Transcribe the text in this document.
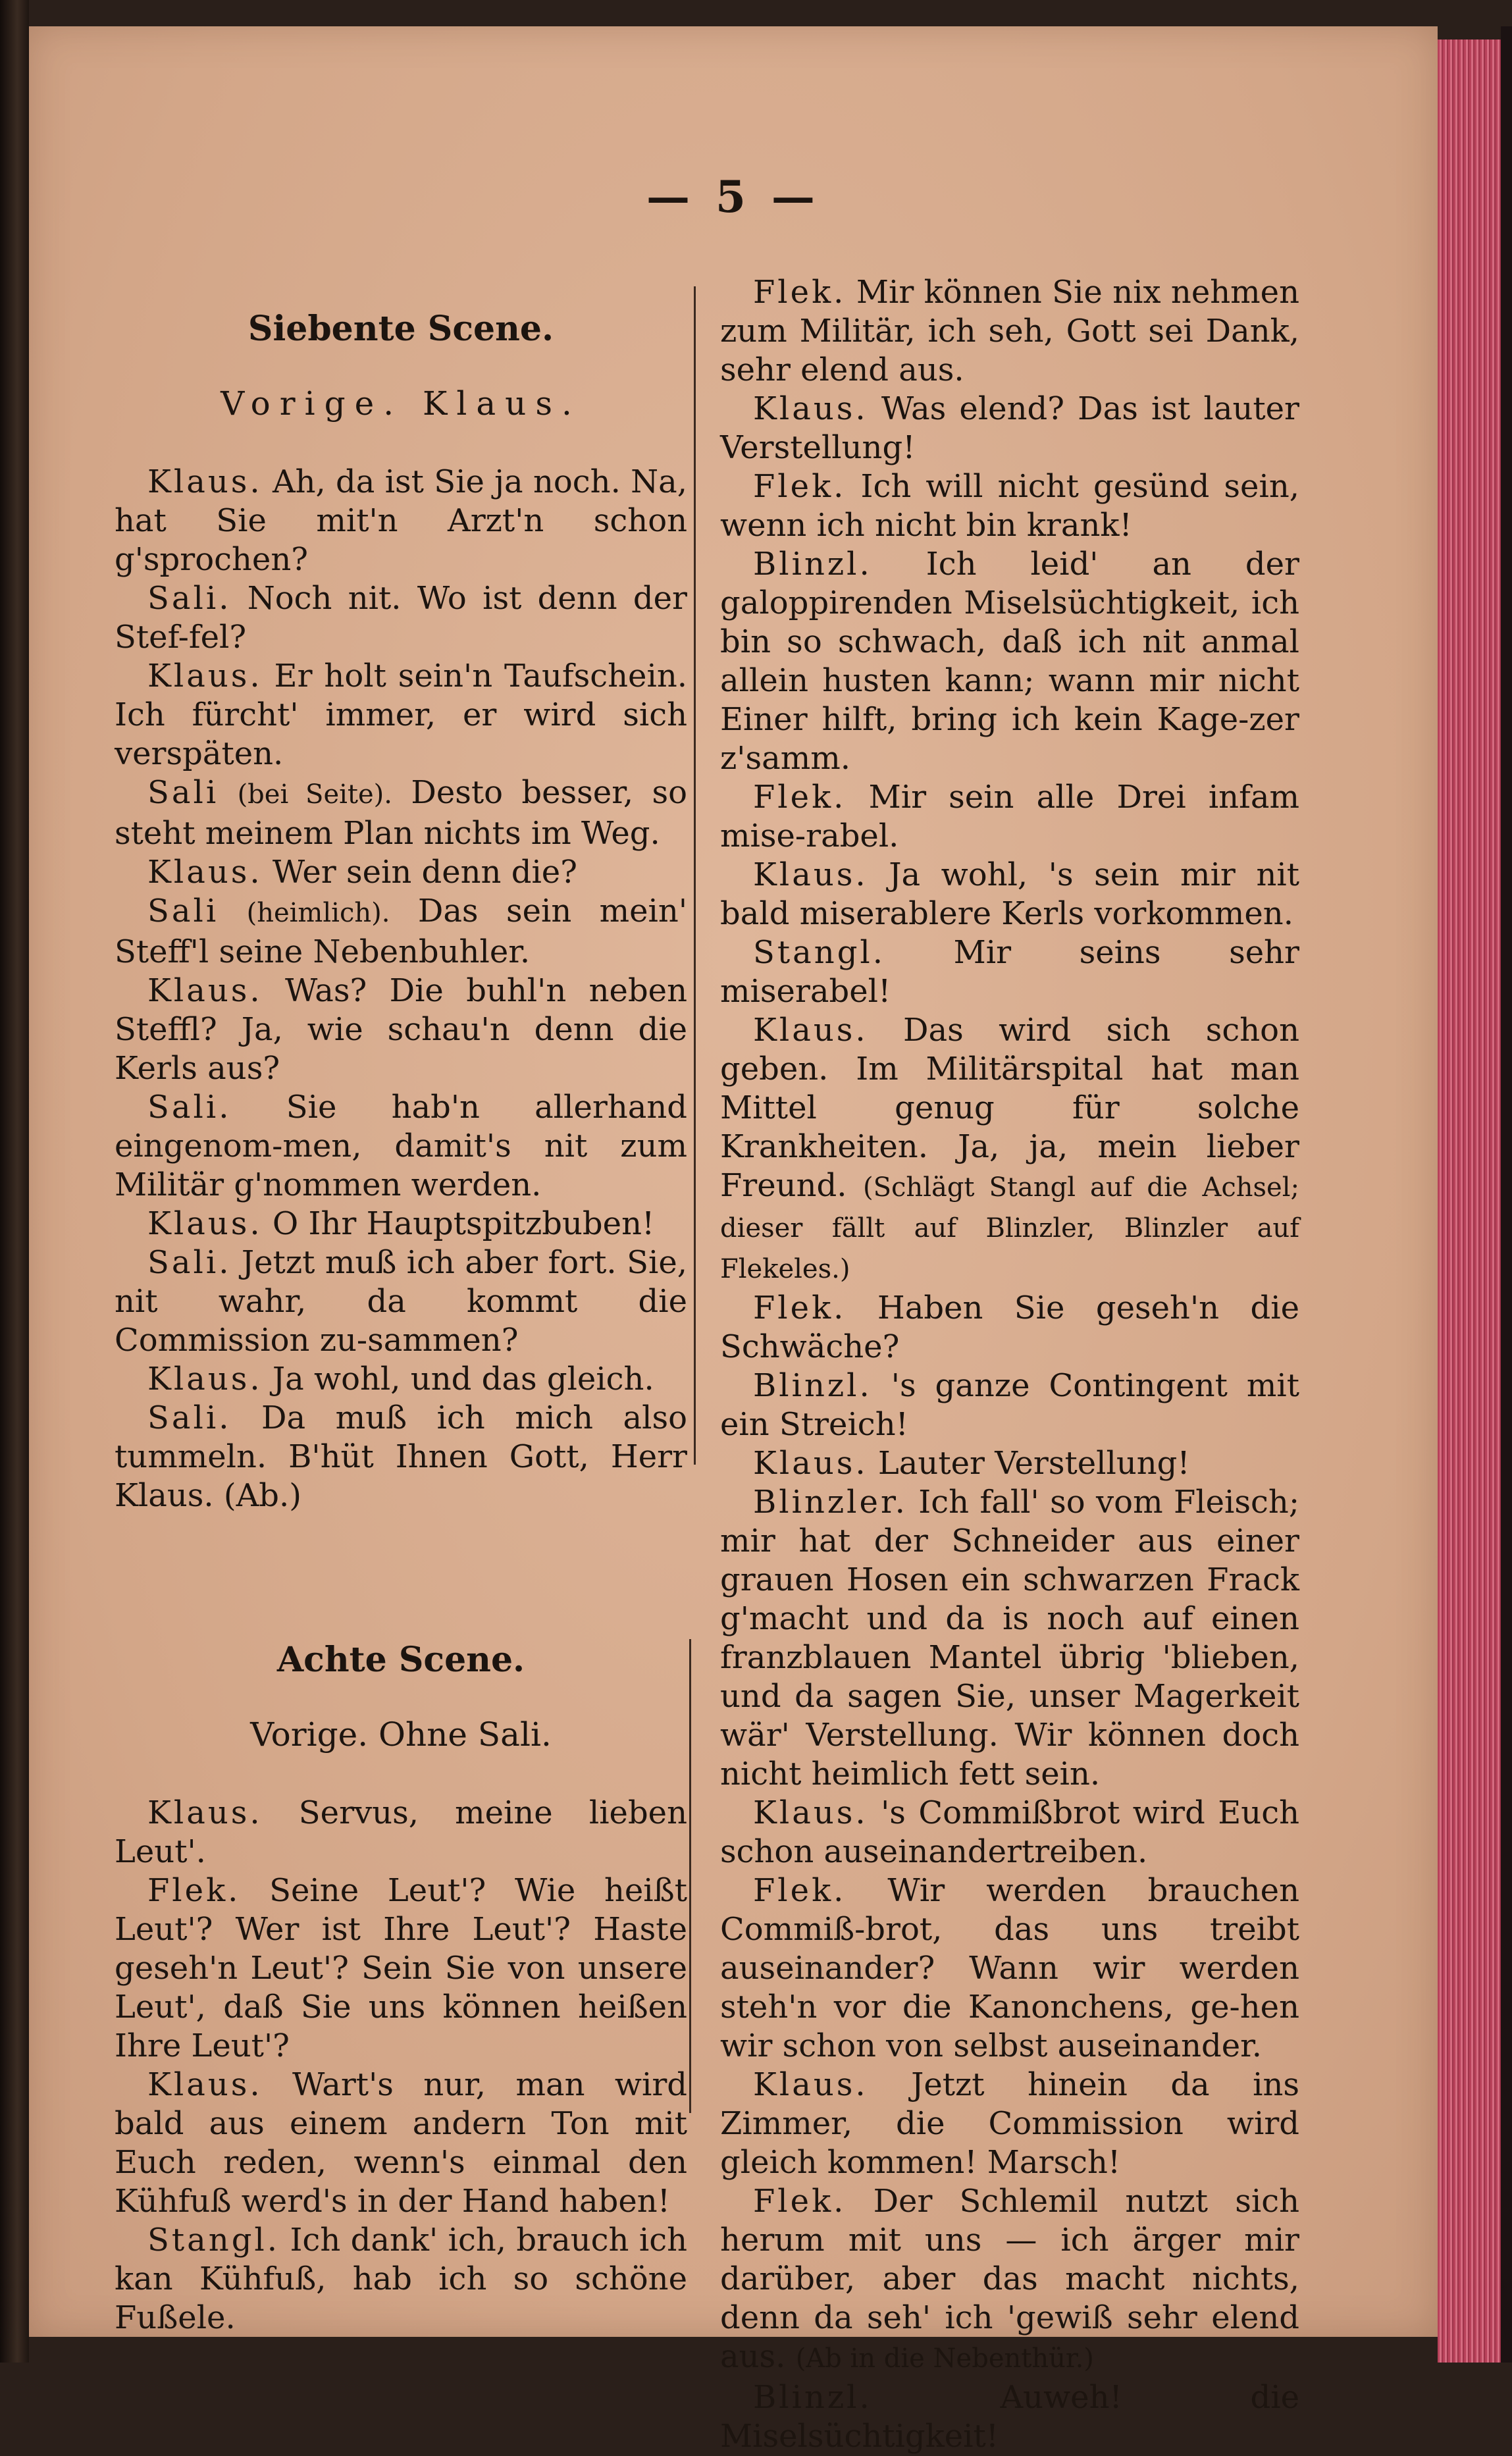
— 5 —
Siebente Scene.
Vorige. Klaus.

Klaus. Ah, da ist Sie ja noch. Na, hat Sie mit'n Arzt'n schon g'sprochen?

Sali. Noch nit. Wo ist denn der Stef-fel?

Klaus. Er holt sein'n Taufschein. Ich fürcht' immer, er wird sich verspäten.

Sali (bei Seite). Desto besser, so steht meinem Plan nichts im Weg.

Klaus. Wer sein denn die?

Sali (heimlich). Das sein mein' Steff'l seine Nebenbuhler.

Klaus. Was? Die buhl'n neben Steffl? Ja, wie schau'n denn die Kerls aus?

Sali. Sie hab'n allerhand eingenom-men, damit's nit zum Militär g'nommen werden.

Klaus. O Ihr Hauptspitzbuben!

Sali. Jetzt muß ich aber fort. Sie, nit wahr, da kommt die Commission zu-sammen?

Klaus. Ja wohl, und das gleich.

Sali. Da muß ich mich also tummeln. B'hüt Ihnen Gott, Herr Klaus. (Ab.)

Achte Scene.
Vorige. Ohne Sali.

Klaus. Servus, meine lieben Leut'.

Flek. Seine Leut'? Wie heißt Leut'? Wer ist Ihre Leut'? Haste geseh'n Leut'? Sein Sie von unsere Leut', daß Sie uns können heißen Ihre Leut'?

Klaus. Wart's nur, man wird bald aus einem andern Ton mit Euch reden, wenn's einmal den Kühfuß werd's in der Hand haben!

Stangl. Ich dank' ich, brauch ich kan Kühfuß, hab ich so schöne Fußele.

Flek. Mir können Sie nix nehmen zum Militär, ich seh, Gott sei Dank, sehr elend aus.

Klaus. Was elend? Das ist lauter Verstellung!

Flek. Ich will nicht gesünd sein, wenn ich nicht bin krank!

Blinzl. Ich leid' an der galoppirenden Miselsüchtigkeit, ich bin so schwach, daß ich nit anmal allein husten kann; wann mir nicht Einer hilft, bring ich kein Kage-zer z'samm.

Flek. Mir sein alle Drei infam mise-rabel.

Klaus. Ja wohl, 's sein mir nit bald miserablere Kerls vorkommen.

Stangl. Mir seins sehr miserabel!

Klaus. Das wird sich schon geben. Im Militärspital hat man Mittel genug für solche Krankheiten. Ja, ja, mein lieber Freund. (Schlägt Stangl auf die Achsel; dieser fällt auf Blinzler, Blinzler auf Flekeles.)

Flek. Haben Sie geseh'n die Schwäche?

Blinzl. 's ganze Contingent mit ein Streich!

Klaus. Lauter Verstellung!

Blinzler. Ich fall' so vom Fleisch; mir hat der Schneider aus einer grauen Hosen ein schwarzen Frack g'macht und da is noch auf einen franzblauen Mantel übrig 'blieben, und da sagen Sie, unser Magerkeit wär' Verstellung. Wir können doch nicht heimlich fett sein.

Klaus. 's Commißbrot wird Euch schon auseinandertreiben.

Flek. Wir werden brauchen Commiß-brot, das uns treibt auseinander? Wann wir werden steh'n vor die Kanonchens, ge-hen wir schon von selbst auseinander.

Klaus. Jetzt hinein da ins Zimmer, die Commission wird gleich kommen! Marsch!

Flek. Der Schlemil nutzt sich herum mit uns — ich ärger mir darüber, aber das macht nichts, denn da seh' ich 'gewiß sehr elend aus. (Ab in die Nebenthür.)

Blinzl.	Auweh! die Miselsüchtigkeit!
